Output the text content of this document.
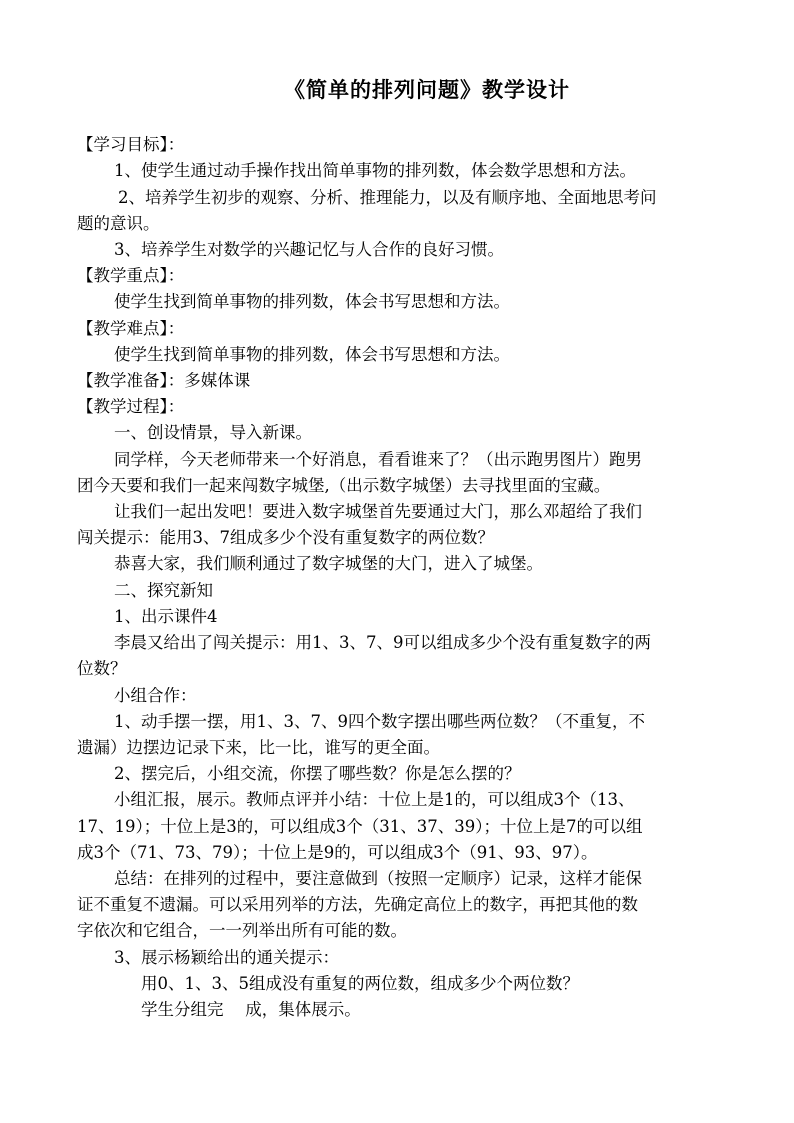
《简单的排列问题》教学设计
【学习目标】：
1、使学生通过动手操作找出简单事物的排列数，体会数学思想和方法。
2、培养学生初步的观察、分析、推理能力，以及有顺序地、全面地思考问
题的意识。
3、培养学生对数学的兴趣记忆与人合作的良好习惯。
【教学重点】：
使学生找到简单事物的排列数，体会书写思想和方法。
【教学难点】：
使学生找到简单事物的排列数，体会书写思想和方法。
【教学准备】：多媒体课
【教学过程】：
一、创设情景，导入新课。
同学样，今天老师带来一个好消息，看看谁来了？（出示跑男图片）跑男
团今天要和我们一起来闯数字城堡,（出示数字城堡）去寻找里面的宝藏。
让我们一起出发吧！要进入数字城堡首先要通过大门，那么邓超给了我们
闯关提示：能用3、7组成多少个没有重复数字的两位数？
恭喜大家，我们顺利通过了数字城堡的大门，进入了城堡。
二、探究新知
1、出示课件4
李晨又给出了闯关提示：用1、3、7、9可以组成多少个没有重复数字的两
位数？
小组合作：
1、动手摆一摆，用1、3、7、9四个数字摆出哪些两位数？（不重复，不
遗漏）边摆边记录下来，比一比，谁写的更全面。
2、摆完后，小组交流，你摆了哪些数？你是怎么摆的？
小组汇报，展示。教师点评并小结：十位上是1的，可以组成3个（13、
17、19）；十位上是3的，可以组成3个（31、37、39）；十位上是7的可以组
成3个（71、73、79）；十位上是9的，可以组成3个（91、93、97）。
总结：在排列的过程中，要注意做到（按照一定顺序）记录，这样才能保
证不重复不遗漏。可以采用列举的方法，先确定高位上的数字，再把其他的数
字依次和它组合，一一列举出所有可能的数。
3、展示杨颖给出的通关提示：
用0、1、3、5组成没有重复的两位数，组成多少个两位数？
学生分组完　 成，集体展示。
